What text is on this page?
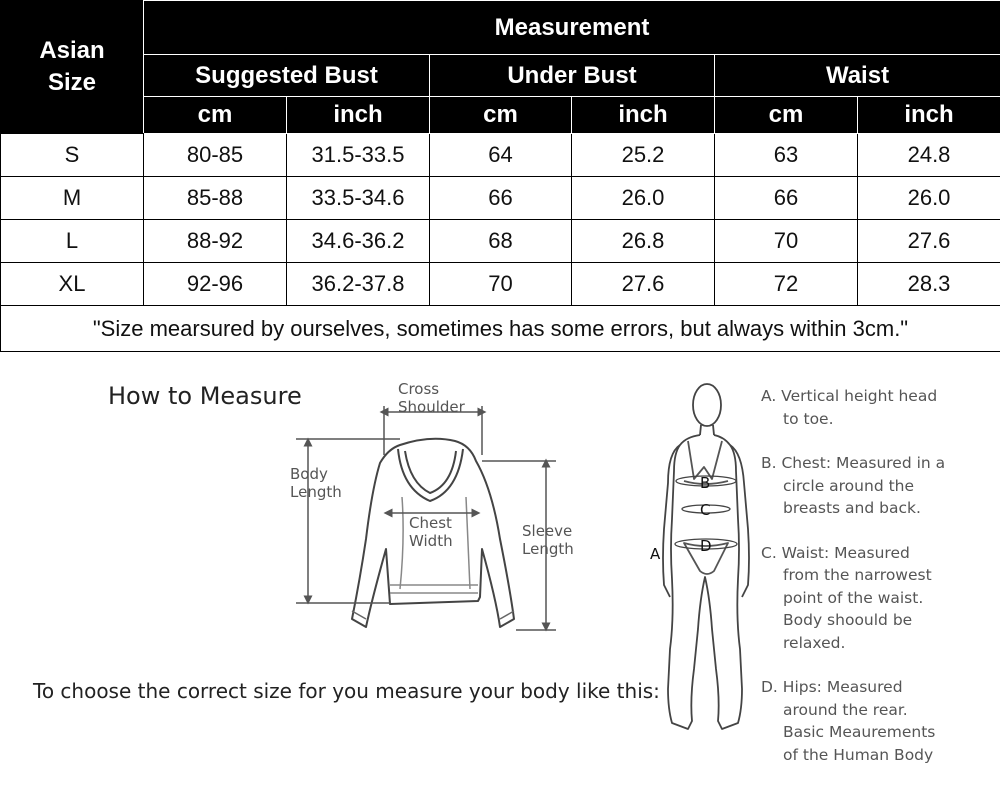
Asian
Size	Measurement					
	Suggested Bust		Under Bust		Waist	
	cm	inch	cm	inch	cm	inch
S	80-85	31.5-33.5	64	25.2	63	24.8
M	85-88	33.5-34.6	66	26.0	66	26.0
L	88-92	34.6-36.2	68	26.8	70	27.6
XL	92-96	36.2-37.8	70	27.6	72	28.3
"Size mearsured by ourselves, sometimes has some errors, but always within 3cm."						
How to Measure	Cross
Shoulder
Body
Length
Chest
Width
Sleeve
Length	A
B
C
D
A. Vertical height head
to toe.
B. Chest: Measured in a
circle around the
breasts and back.
C. Waist: Measured
from the narrowest
point of the waist.
Body shoould be
relaxed.
D. Hips: Measured
around the rear.
Basic Meaurements
of the Human Body
To choose the correct size for you measure your body like this:
